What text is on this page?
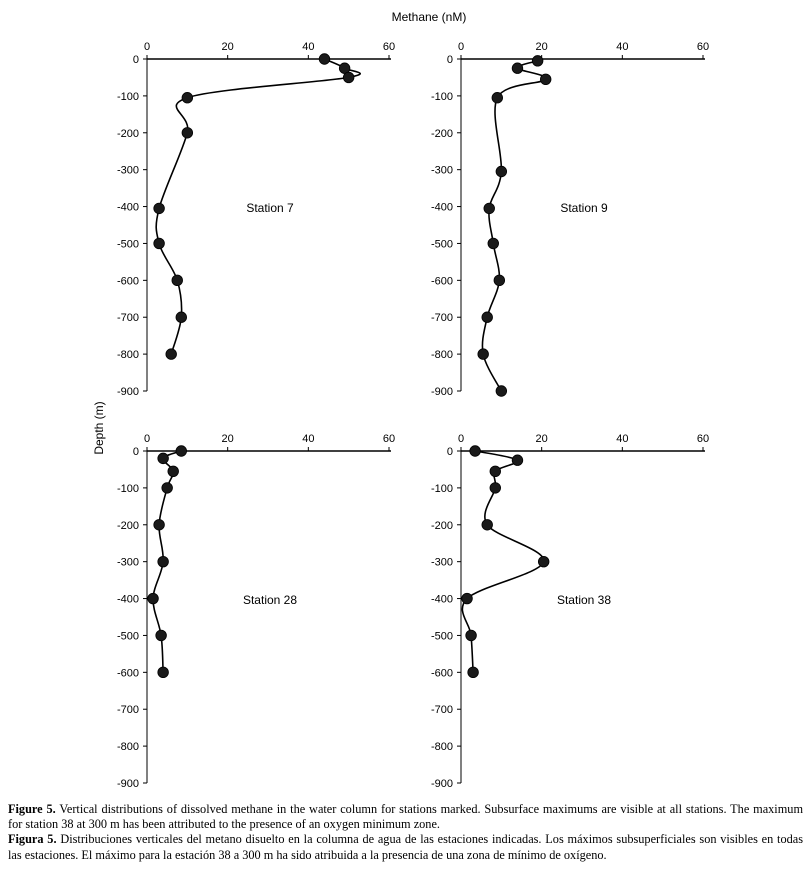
Methane (nM)
Depth (m)
0	20	40	60
0
-100
-200
-300
-400
-500
-600
-700
-800
-900
Station 7
0	20	40	60
0
-100
-200
-300
-400
-500
-600
-700
-800
-900
Station 9
0	20	40	60
0
-100
-200
-300
-400
-500
-600
-700
-800
-900
Station 28
0	20	40	60
0
-100
-200
-300
-400
-500
-600
-700
-800
-900
Station 38

Figure 5. Vertical distributions of dissolved methane in the water column for stations marked. Subsurface maximums are visible at all stations. The maximum for station 38 at 300 m has been attributed to the presence of an oxygen minimum zone.

Figura 5. Distribuciones verticales del metano disuelto en la columna de agua de las estaciones indicadas. Los máximos subsuperficiales son visibles en todas las estaciones. El máximo para la estación 38 a 300 m ha sido atribuida a la presencia de una zona de mínimo de oxígeno.
